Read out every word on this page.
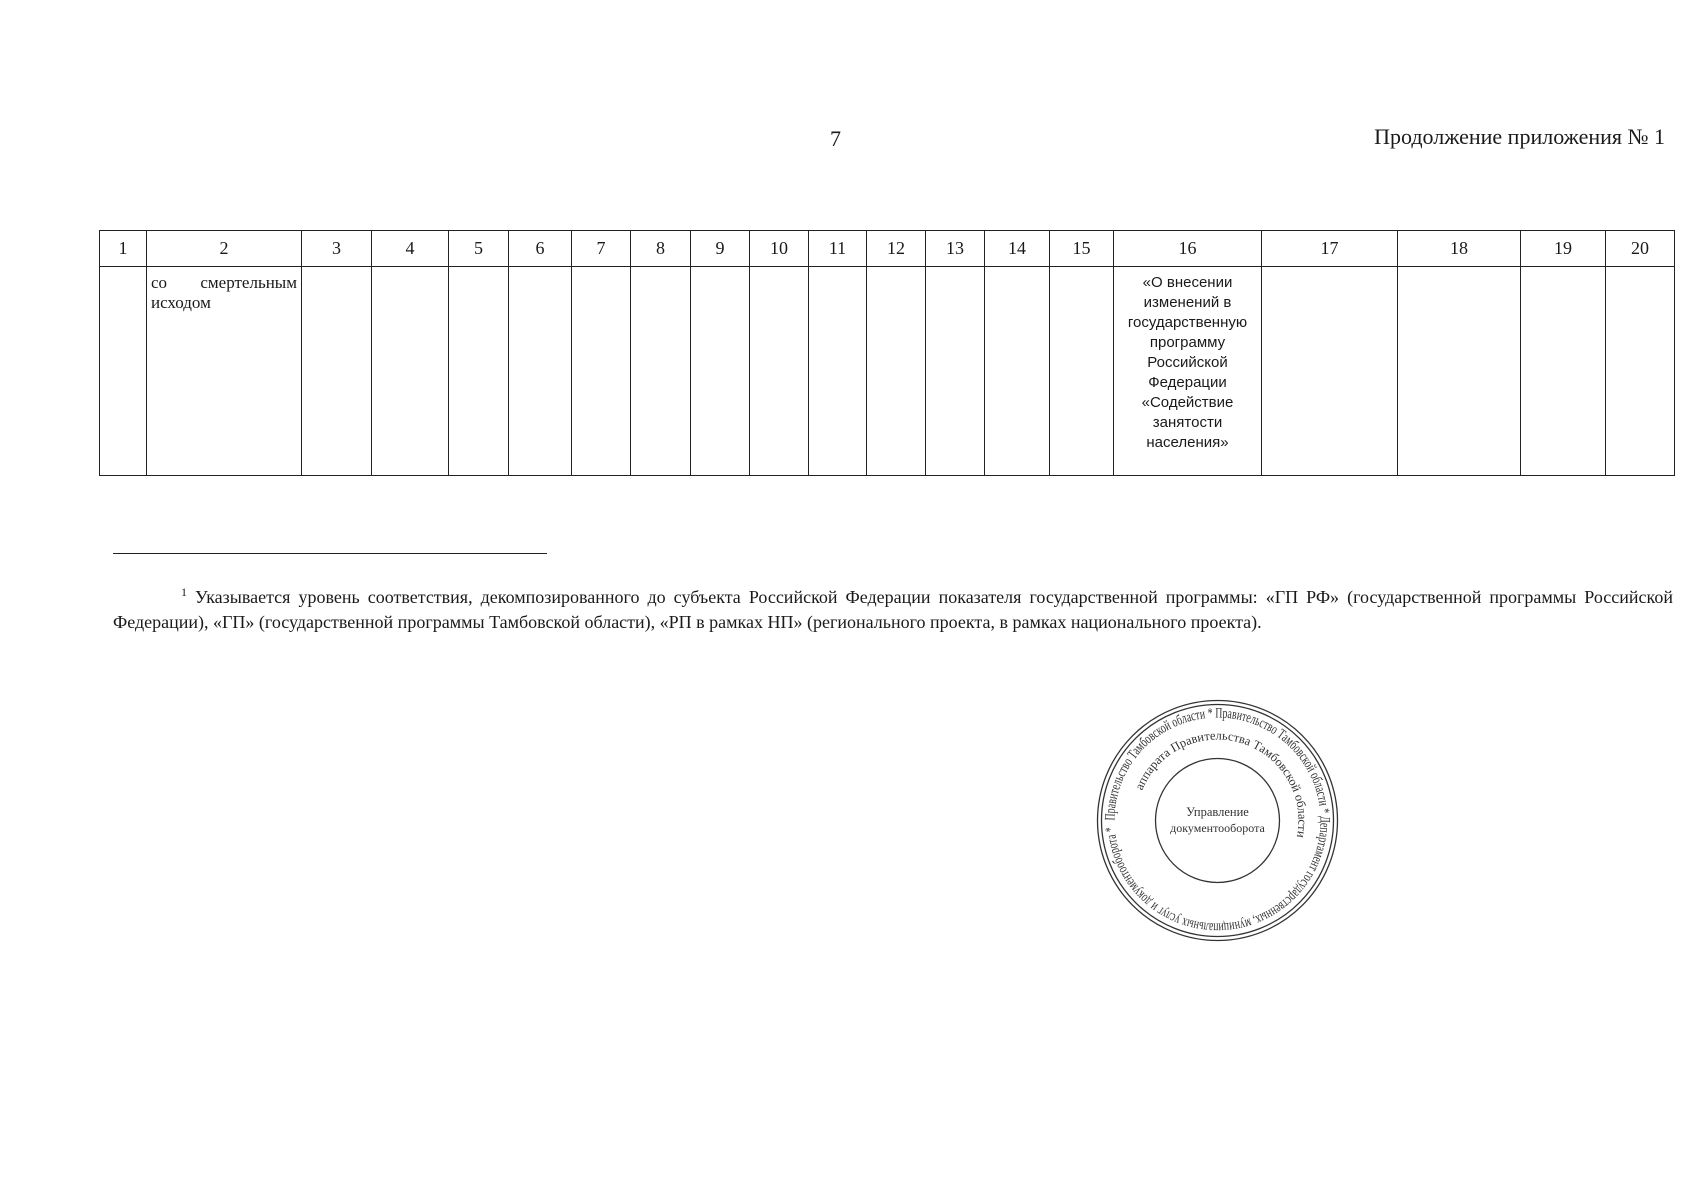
7	Продолжение приложения № 1
1	2	3	4	5	6	7	8	9	10	11	12	13	14	15	16	17	18	19	20
	со смертельным исходом														«О внесении изменений в государственную программу Российской Федерации «Содействие занятости населения»				
$^1$ Указывается уровень соответствия, декомпозированного до субъекта Российской Федерации показателя государственной программы: «ГП РФ» (государственной программы Российской Федерации), «ГП» (государственной программы Тамбовской области), «РП в рамках НП» (регионального проекта, в рамках национального проекта).
Правительство Тамбовской области * Правительство Тамбовской области * Департамент государственных, муниципальных услуг и документооборота *
аппарата Правительства Тамбовской области
Управление
документооборота
